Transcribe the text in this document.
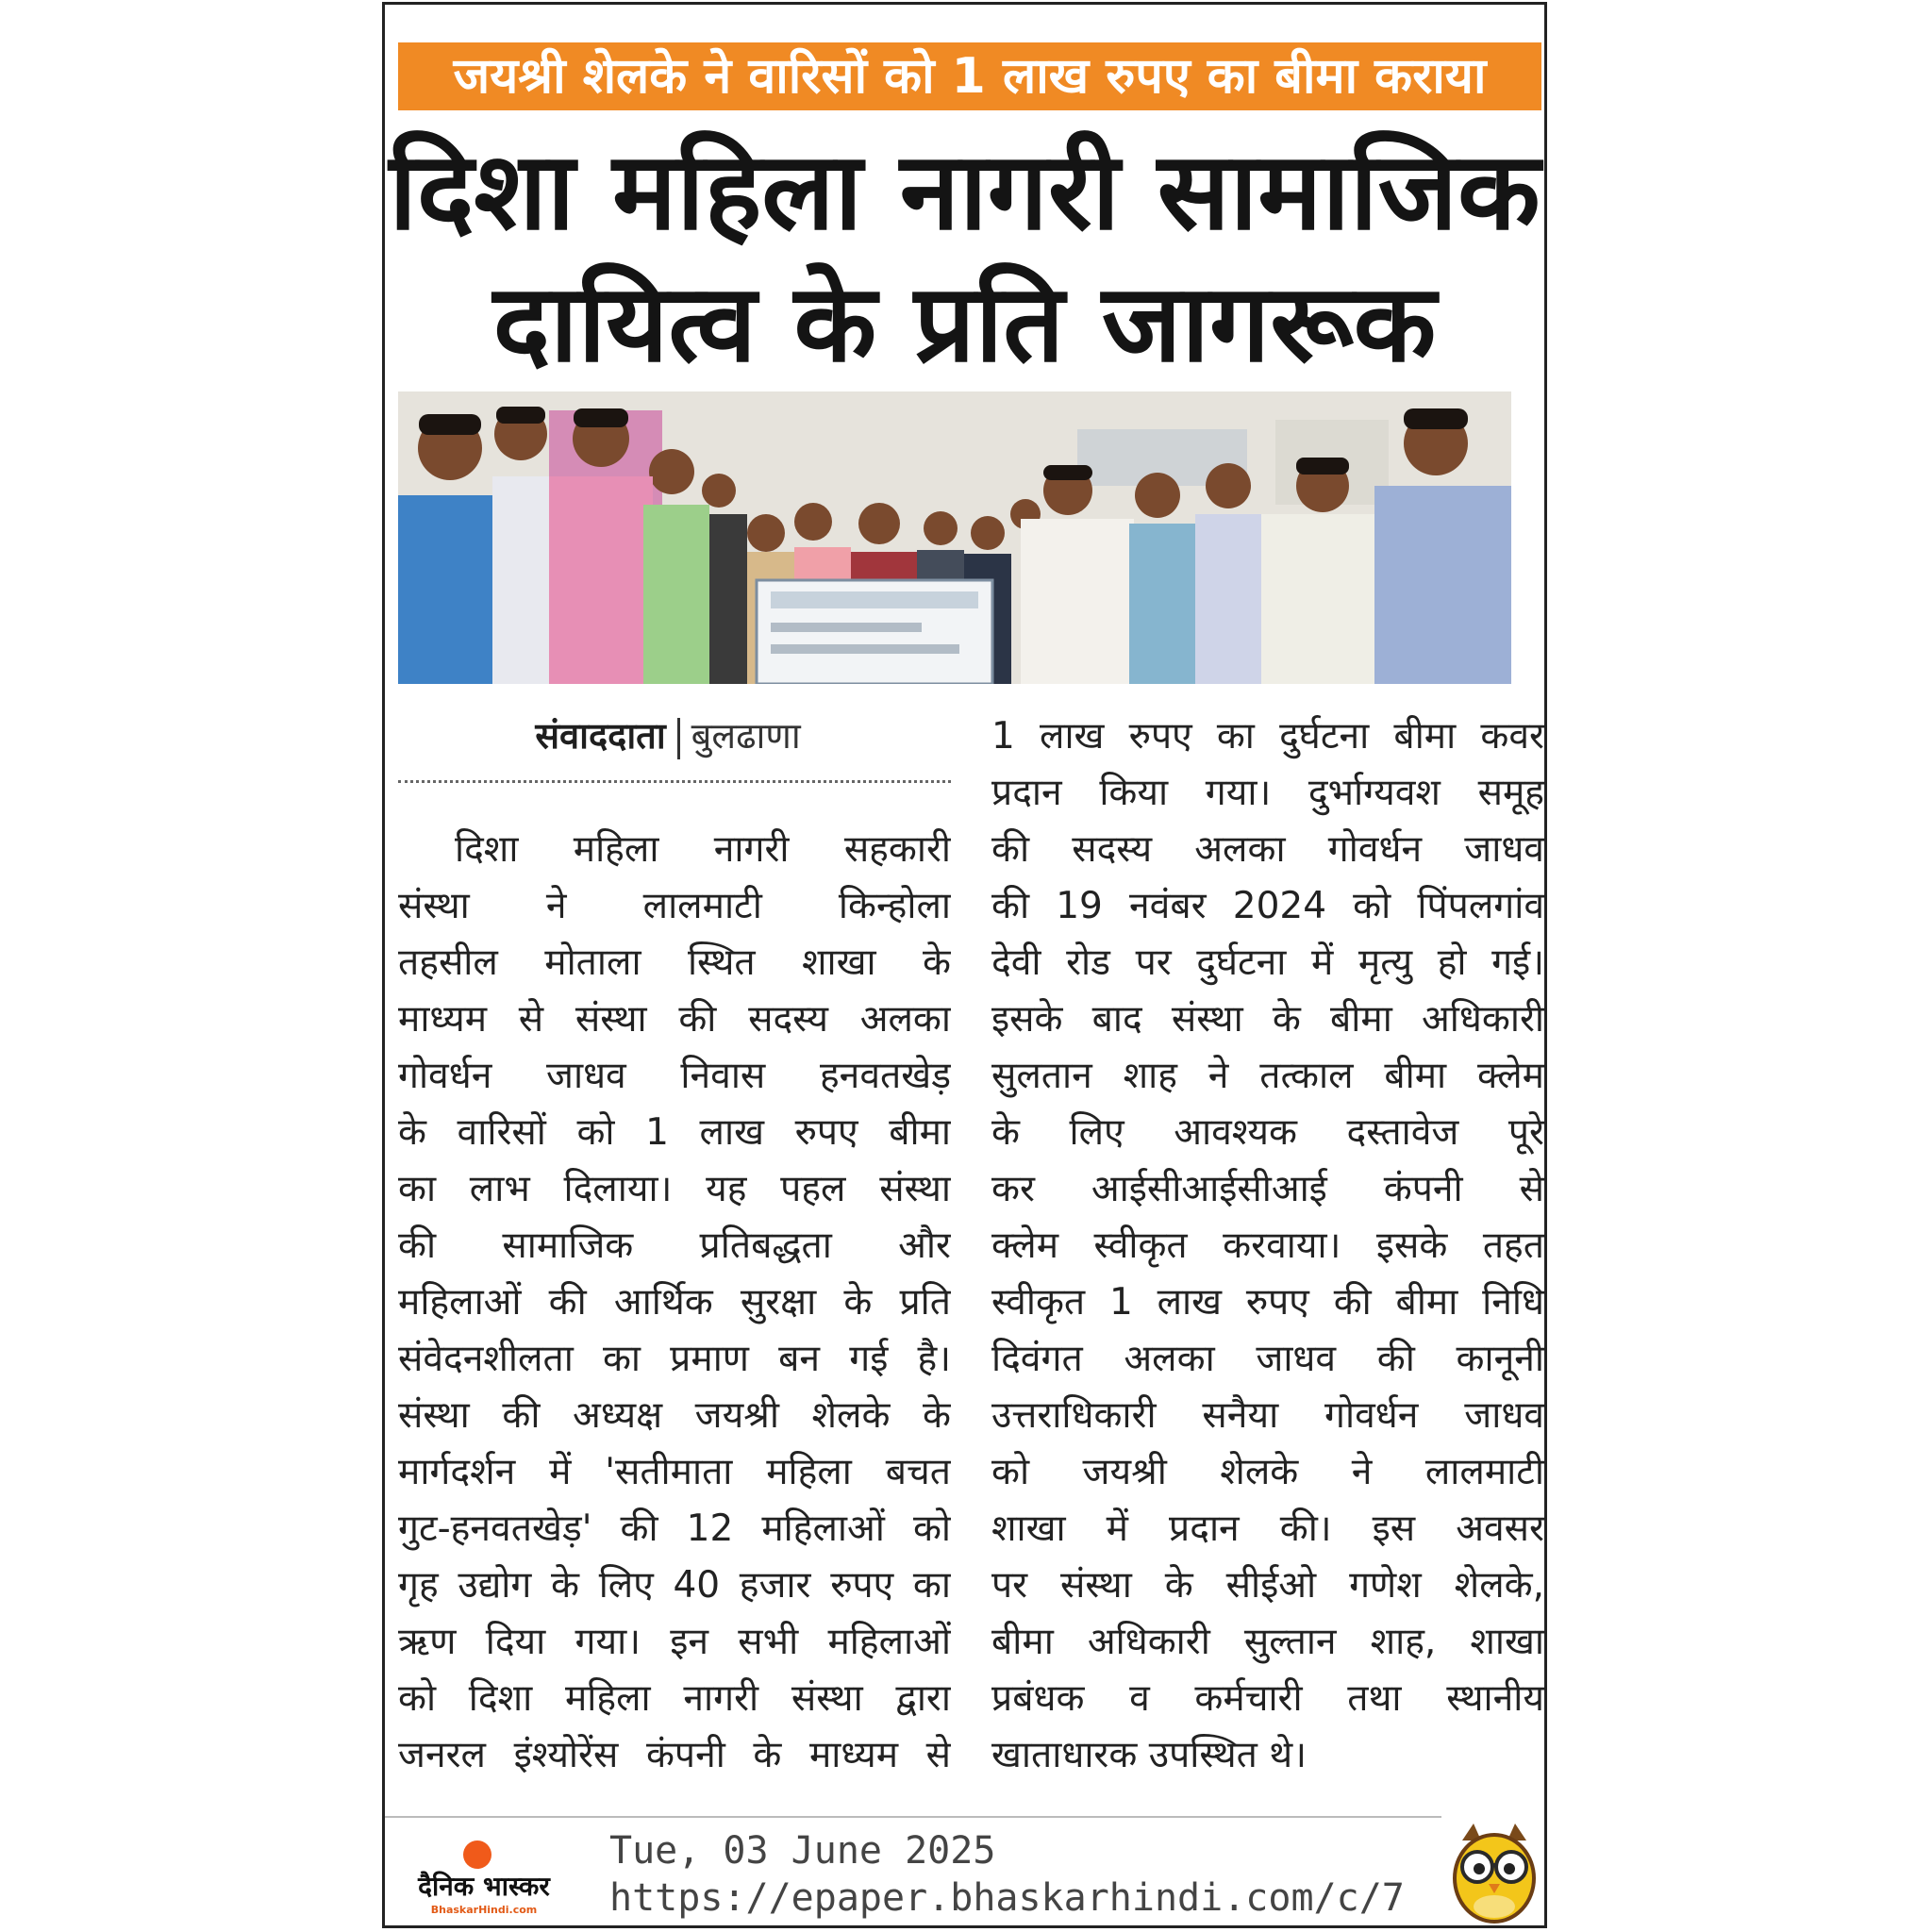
जयश्री शेलके ने वारिसों को 1 लाख रुपए का बीमा कराया
दिशा महिला नागरी सामाजिक
दायित्व के प्रति जागरूक
संवाददाता बुलढाणा
दिशा महिला नागरी सहकारी
संस्था ने लालमाटी किन्होला
तहसील मोताला स्थित शाखा के
माध्यम से संस्था की सदस्य अलका
गोवर्धन जाधव निवास हनवतखेड़
के वारिसों को 1 लाख रुपए बीमा
का लाभ दिलाया। यह पहल संस्था
की सामाजिक प्रतिबद्धता और
महिलाओं की आर्थिक सुरक्षा के प्रति
संवेदनशीलता का प्रमाण बन गई है।
संस्था की अध्यक्ष जयश्री शेलके के
मार्गदर्शन में 'सतीमाता महिला बचत
गुट-हनवतखेड़' की 12 महिलाओं को
गृह उद्योग के लिए 40 हजार रुपए का
ऋण दिया गया। इन सभी महिलाओं
को दिशा महिला नागरी संस्था द्वारा
जनरल इंश्योरेंस कंपनी के माध्यम से
1 लाख रुपए का दुर्घटना बीमा कवर
प्रदान किया गया। दुर्भाग्यवश समूह
की सदस्य अलका गोवर्धन जाधव
की 19 नवंबर 2024 को पिंपलगांव
देवी रोड पर दुर्घटना में मृत्यु हो गई।
इसके बाद संस्था के बीमा अधिकारी
सुलतान शाह ने तत्काल बीमा क्लेम
के लिए आवश्यक दस्तावेज पूरे
कर आईसीआईसीआई कंपनी से
क्लेम स्वीकृत करवाया। इसके तहत
स्वीकृत 1 लाख रुपए की बीमा निधि
दिवंगत अलका जाधव की कानूनी
उत्तराधिकारी सनैया गोवर्धन जाधव
को जयश्री शेलके ने लालमाटी
शाखा में प्रदान की। इस अवसर
पर संस्था के सीईओ गणेश शेलके,
बीमा अधिकारी सुल्तान शाह, शाखा
प्रबंधक व कर्मचारी तथा स्थानीय
खाताधारक उपस्थित थे।
दैनिक भास्कर
BhaskarHindi.com
Tue, 03 June 2025
https://epaper.bhaskarhindi.com/c/7
